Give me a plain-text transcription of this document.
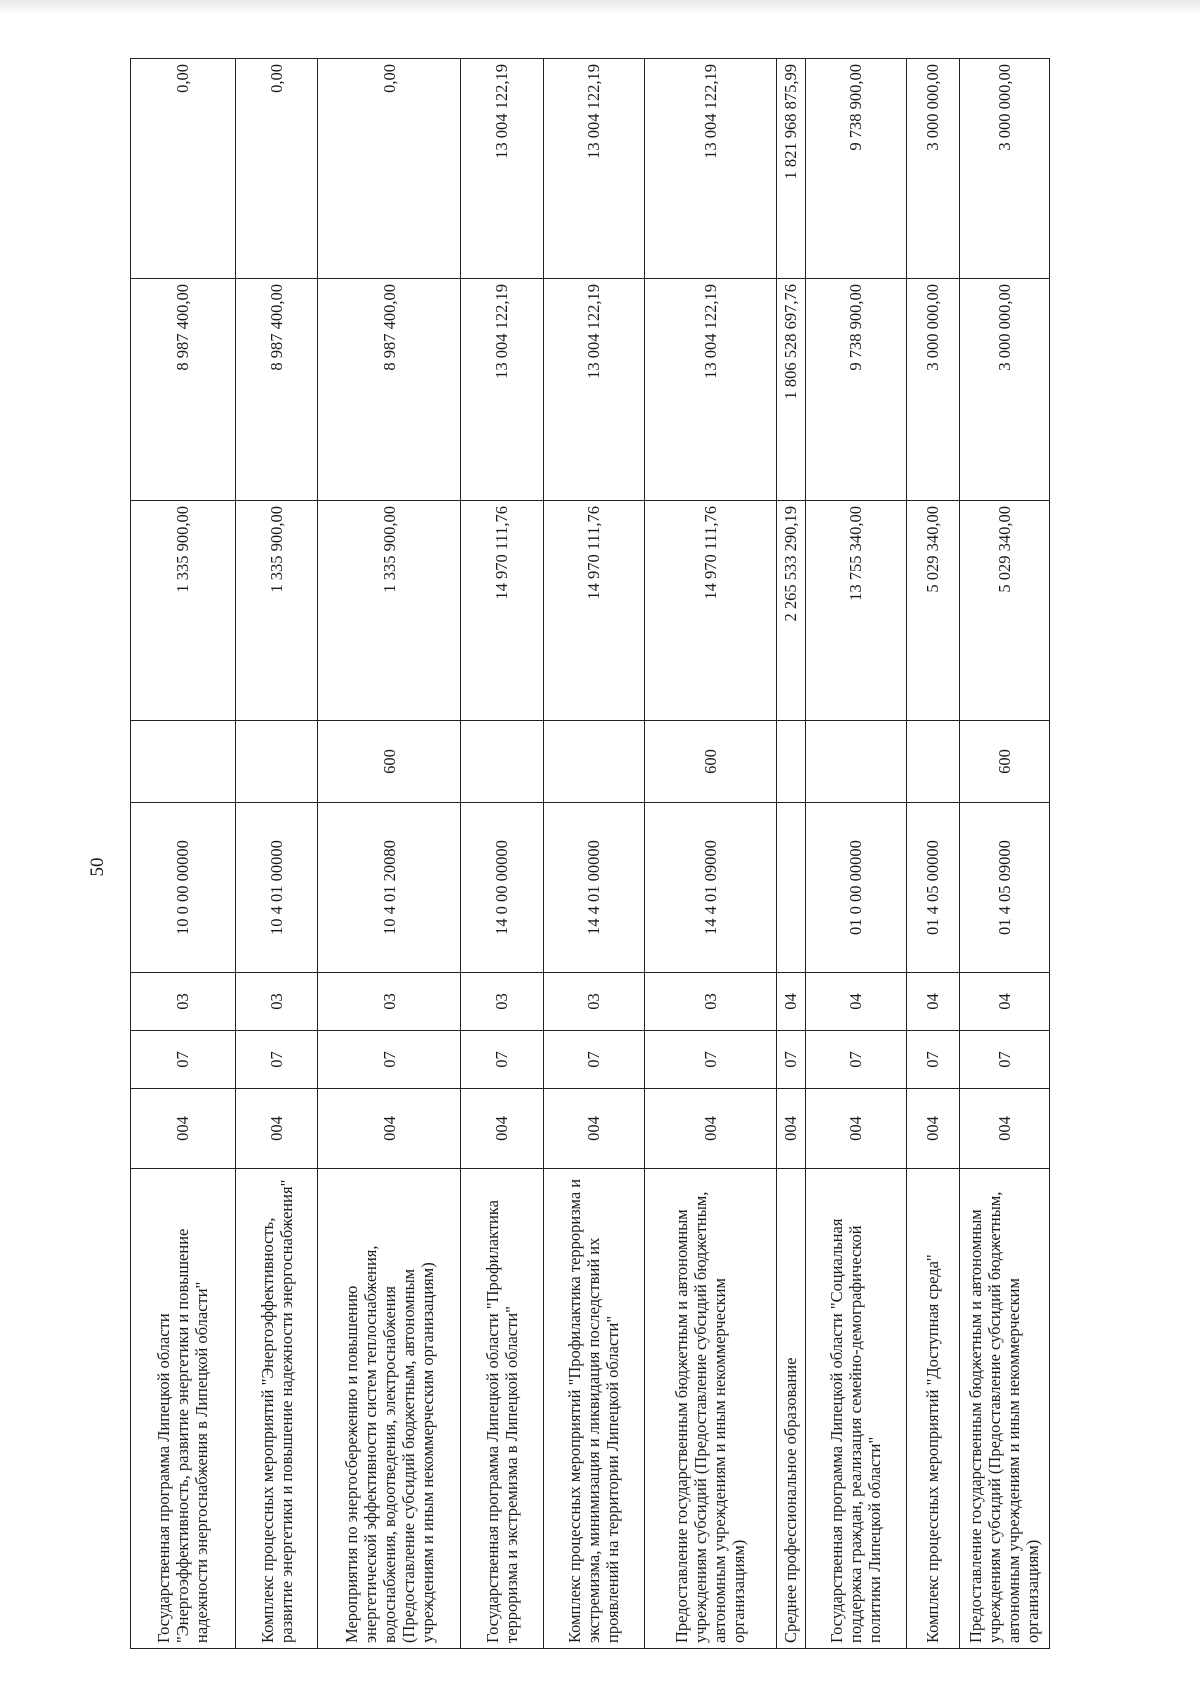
50
Государственная программа Липецкой области "Энергоэффективность, развитие энергетики и повышение надежности энергоснабжения в Липецкой области"	004	07	03	10 0 00 00000		1 335 900,00	8 987 400,00	0,00
Комплекс процессных мероприятий "Энергоэффективность, развитие энергетики и повышение надежности энергоснабжения"	004	07	03	10 4 01 00000		1 335 900,00	8 987 400,00	0,00
Мероприятия по энергосбережению и повышению энергетической эффективности систем теплоснабжения, водоснабжения, водоотведения, электроснабжения (Предоставление субсидий бюджетным, автономным учреждениям и иным некоммерческим организациям)	004	07	03	10 4 01 20080	600	1 335 900,00	8 987 400,00	0,00
Государственная программа Липецкой области "Профилактика терроризма и экстремизма в Липецкой области"	004	07	03	14 0 00 00000		14 970 111,76	13 004 122,19	13 004 122,19
Комплекс процессных мероприятий "Профилактика терроризма и экстремизма, минимизация и ликвидация последствий их проявлений на территории Липецкой области"	004	07	03	14 4 01 00000		14 970 111,76	13 004 122,19	13 004 122,19
Предоставление государственным бюджетным и автономным учреждениям субсидий (Предоставление субсидий бюджетным, автономным учреждениям и иным некоммерческим организациям)	004	07	03	14 4 01 09000	600	14 970 111,76	13 004 122,19	13 004 122,19
Среднее профессиональное образование	004	07	04			2 265 533 290,19	1 806 528 697,76	1 821 968 875,99
Государственная программа Липецкой области "Социальная поддержка граждан, реализация семейно-демографической политики Липецкой области"	004	07	04	01 0 00 00000		13 755 340,00	9 738 900,00	9 738 900,00
Комплекс процессных мероприятий "Доступная среда"	004	07	04	01 4 05 00000		5 029 340,00	3 000 000,00	3 000 000,00
Предоставление государственным бюджетным и автономным учреждениям субсидий (Предоставление субсидий бюджетным, автономным учреждениям и иным некоммерческим организациям)	004	07	04	01 4 05 09000	600	5 029 340,00	3 000 000,00	3 000 000,00
